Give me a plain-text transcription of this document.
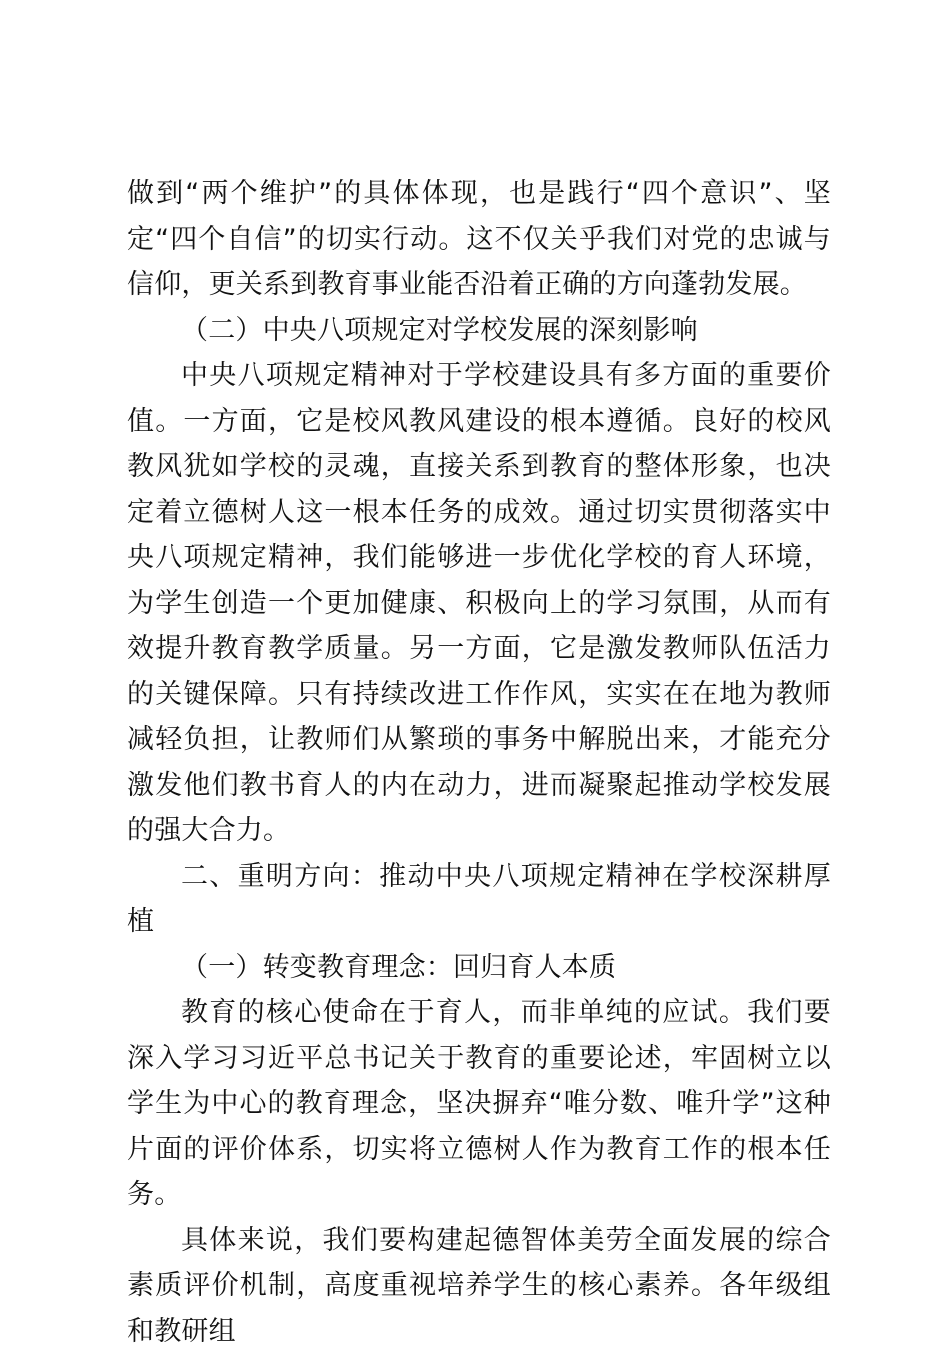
做到“两个维护”的具体体现，也是践行“四个意识”、坚定“四个自信”的切实行动。这不仅关乎我们对党的忠诚与信仰，更关系到教育事业能否沿着正确的方向蓬勃发展。

（二）中央八项规定对学校发展的深刻影响

中央八项规定精神对于学校建设具有多方面的重要价值。一方面，它是校风教风建设的根本遵循。良好的校风教风犹如学校的灵魂，直接关系到教育的整体形象，也决定着立德树人这一根本任务的成效。通过切实贯彻落实中央八项规定精神，我们能够进一步优化学校的育人环境，为学生创造一个更加健康、积极向上的学习氛围，从而有效提升教育教学质量。另一方面，它是激发教师队伍活力的关键保障。只有持续改进工作作风，实实在在地为教师减轻负担，让教师们从繁琐的事务中解脱出来，才能充分激发他们教书育人的内在动力，进而凝聚起推动学校发展的强大合力。

二、重明方向：推动中央八项规定精神在学校深耕厚植

（一）转变教育理念：回归育人本质

教育的核心使命在于育人，而非单纯的应试。我们要深入学习习近平总书记关于教育的重要论述，牢固树立以学生为中心的教育理念，坚决摒弃“唯分数、唯升学”这种片面的评价体系，切实将立德树人作为教育工作的根本任务。

具体来说，我们要构建起德智体美劳全面发展的综合素质评价机制，高度重视培养学生的核心素养。各年级组和教研组
